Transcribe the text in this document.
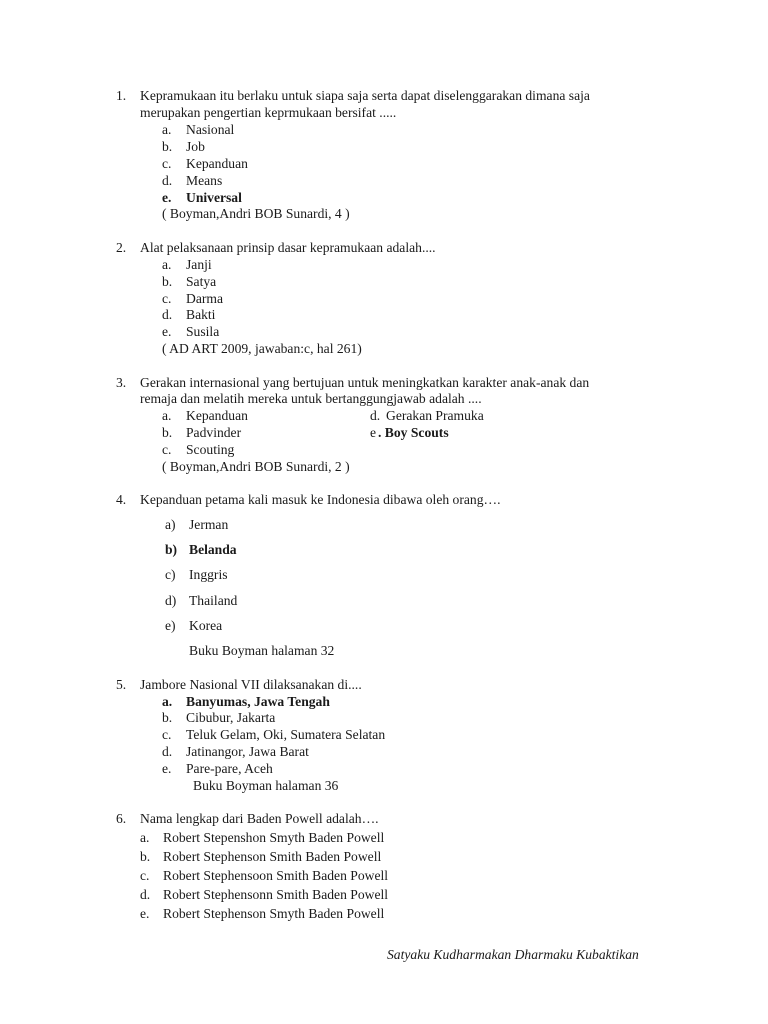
1. Kepramukaan itu berlaku untuk siapa saja serta dapat diselenggarakan dimana saja
merupakan pengertian keprmukaan bersifat .....
a. Nasional
b. Job
c. Kepanduan
d. Means
e. Universal
( Boyman,Andri BOB Sunardi, 4 )
2. Alat pelaksanaan prinsip dasar kepramukaan adalah....
a. Janji
b. Satya
c. Darma
d. Bakti
e. Susila
( AD ART 2009, jawaban:c, hal 261)
3. Gerakan internasional yang bertujuan untuk meningkatkan karakter anak-anak dan
remaja dan melatih mereka untuk bertanggungjawab adalah ....
a. Kepanduan	d. Gerakan Pramuka
b. Padvinder	e . Boy Scouts
c. Scouting
( Boyman,Andri BOB Sunardi, 2 )
4. Kepanduan petama kali masuk ke Indonesia dibawa oleh orang….
a) Jerman
b) Belanda
c) Inggris
d) Thailand
e) Korea
Buku Boyman halaman 32
5. Jambore Nasional VII dilaksanakan di....
a. Banyumas, Jawa Tengah
b. Cibubur, Jakarta
c. Teluk Gelam, Oki, Sumatera Selatan
d. Jatinangor, Jawa Barat
e. Pare-pare, Aceh
Buku Boyman halaman 36
6. Nama lengkap dari Baden Powell adalah….
a. Robert Stepenshon Smyth Baden Powell
b. Robert Stephenson Smith Baden Powell
c. Robert Stephensoon Smith Baden Powell
d. Robert Stephensonn Smith Baden Powell
e. Robert Stephenson Smyth Baden Powell
Satyaku Kudharmakan Dharmaku Kubaktikan
